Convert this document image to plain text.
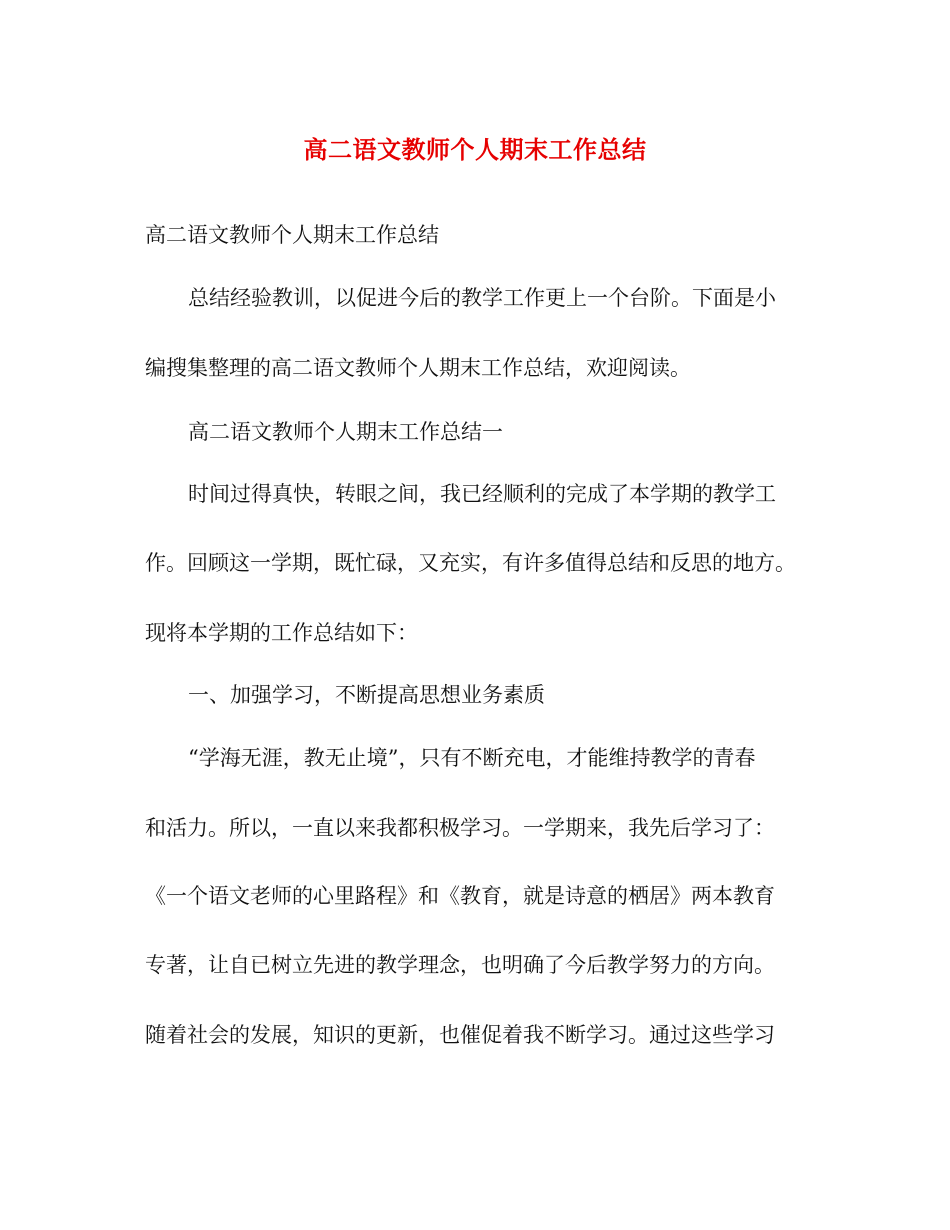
高二语文教师个人期末工作总结
高二语文教师个人期末工作总结
总结经验教训，以促进今后的教学工作更上一个台阶。下面是小
编搜集整理的高二语文教师个人期末工作总结，欢迎阅读。
高二语文教师个人期末工作总结一
时间过得真快，转眼之间，我已经顺利的完成了本学期的教学工
作。回顾这一学期，既忙碌，又充实，有许多值得总结和反思的地方。
现将本学期的工作总结如下：
一、加强学习，不断提高思想业务素质
“学海无涯，教无止境”，只有不断充电，才能维持教学的青春
和活力。所以，一直以来我都积极学习。一学期来，我先后学习了：
《一个语文老师的心里路程》和《教育，就是诗意的栖居》两本教育
专著，让自已树立先进的教学理念，也明确了今后教学努力的方向。
随着社会的发展，知识的更新，也催促着我不断学习。通过这些学习
